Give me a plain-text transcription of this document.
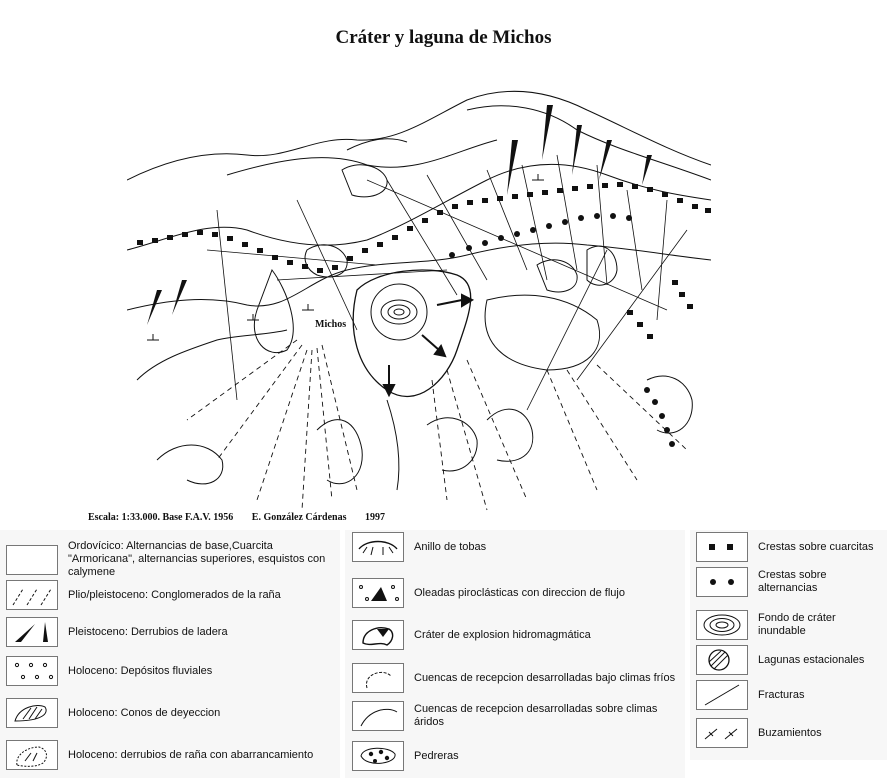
Cráter y laguna de Michos
Michos
Escala: 1:33.000. Base F.A.V. 1956 E. González Cárdenas 1997
Ordovícico: Alternancias de base,Cuarcita "Armoricana", alternancias superiores, esquistos con calymene
Plio/pleistoceno: Conglomerados de la raña
Pleistoceno: Derrubios de ladera
Holoceno: Depósitos fluviales
Holoceno: Conos de deyeccion
Holoceno: derrubios de raña con abarrancamiento
Anillo de tobas
Oleadas piroclásticas con direccion de flujo
Cráter de explosion hidromagmática
Cuencas de recepcion desarrolladas bajo climas fríos
Cuencas de recepcion desarrolladas sobre climas áridos
Pedreras
Crestas sobre cuarcitas
Crestas sobre alternancias
Fondo de cráter inundable
Lagunas estacionales
Fracturas
Buzamientos
